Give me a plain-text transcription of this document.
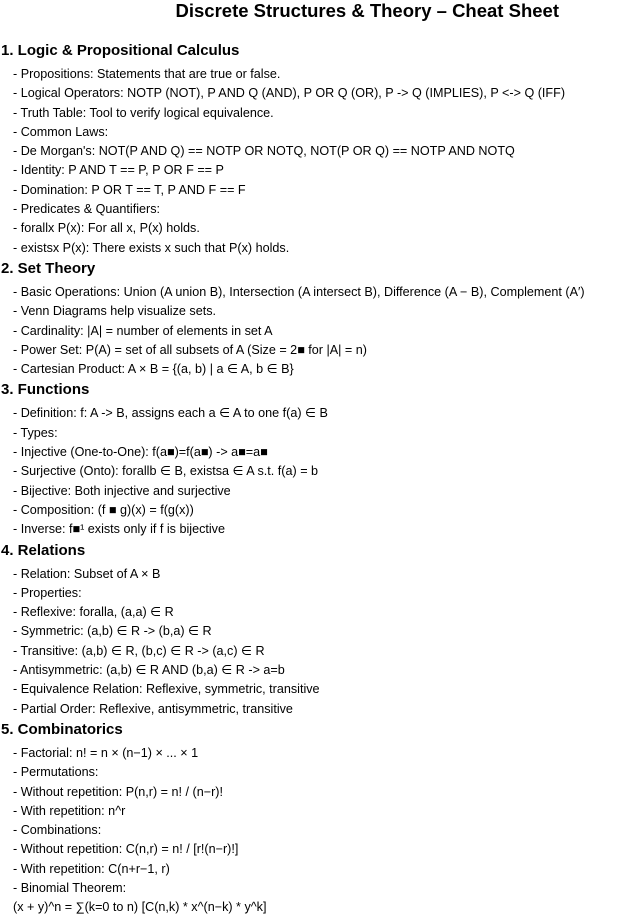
Discrete Structures & Theory – Cheat Sheet
1. Logic & Propositional Calculus
- Propositions: Statements that are true or false.
- Logical Operators: NOTP (NOT), P AND Q (AND), P OR Q (OR), P -> Q (IMPLIES), P <-> Q (IFF)
- Truth Table: Tool to verify logical equivalence.
- Common Laws:
- De Morgan's: NOT(P AND Q) == NOTP OR NOTQ, NOT(P OR Q) == NOTP AND NOTQ
- Identity: P AND T == P, P OR F == P
- Domination: P OR T == T, P AND F == F
- Predicates & Quantifiers:
- forallx P(x): For all x, P(x) holds.
- existsx P(x): There exists x such that P(x) holds.
2. Set Theory
- Basic Operations: Union (A union B), Intersection (A intersect B), Difference (A − B), Complement (A′)
- Venn Diagrams help visualize sets.
- Cardinality: |A| = number of elements in set A
- Power Set: P(A) = set of all subsets of A (Size = 2■ for |A| = n)
- Cartesian Product: A × B = {(a, b) | a ∈ A, b ∈ B}
3. Functions
- Definition: f: A -> B, assigns each a ∈ A to one f(a) ∈ B
- Types:
- Injective (One-to-One): f(a■)=f(a■) -> a■=a■
- Surjective (Onto): forallb ∈ B, existsa ∈ A s.t. f(a) = b
- Bijective: Both injective and surjective
- Composition: (f ■ g)(x) = f(g(x))
- Inverse: f■¹ exists only if f is bijective
4. Relations
- Relation: Subset of A × B
- Properties:
- Reflexive: foralla, (a,a) ∈ R
- Symmetric: (a,b) ∈ R -> (b,a) ∈ R
- Transitive: (a,b) ∈ R, (b,c) ∈ R -> (a,c) ∈ R
- Antisymmetric: (a,b) ∈ R AND (b,a) ∈ R -> a=b
- Equivalence Relation: Reflexive, symmetric, transitive
- Partial Order: Reflexive, antisymmetric, transitive
5. Combinatorics
- Factorial: n! = n × (n−1) × ... × 1
- Permutations:
- Without repetition: P(n,r) = n! / (n−r)!
- With repetition: n^r
- Combinations:
- Without repetition: C(n,r) = n! / [r!(n−r)!]
- With repetition: C(n+r−1, r)
- Binomial Theorem:
(x + y)^n = ∑(k=0 to n) [C(n,k) * x^(n−k) * y^k]
